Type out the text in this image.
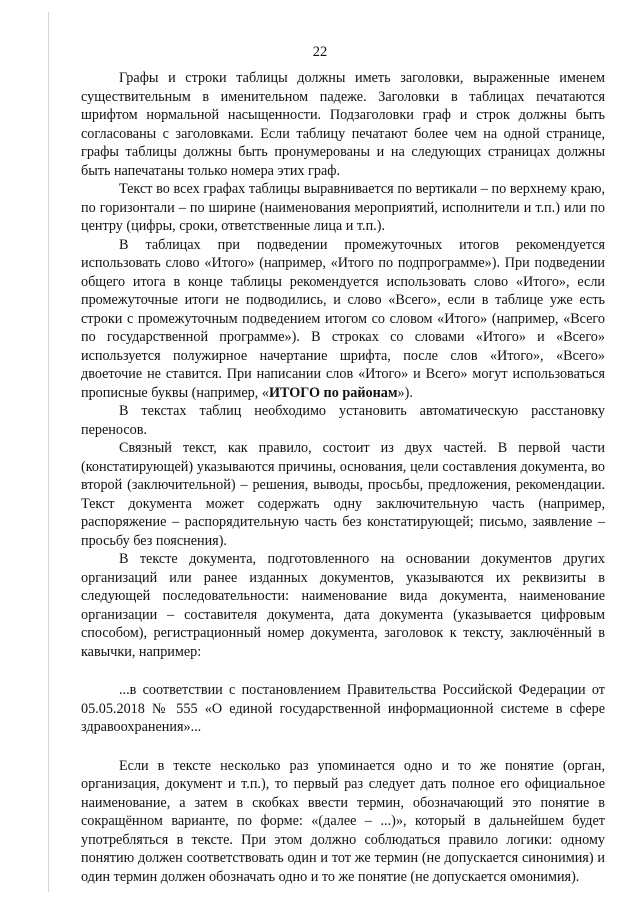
22

Графы и строки таблицы должны иметь заголовки, выраженные именем существительным в именительном падеже. Заголовки в таблицах печатаются шрифтом нормальной насыщенности. Подзаголовки граф и строк должны быть согласованы с заголовками. Если таблицу печатают более чем на одной странице, графы таблицы должны быть пронумерованы и на следующих страницах должны быть напечатаны только номера этих граф.

Текст во всех графах таблицы выравнивается по вертикали – по верхнему краю, по горизонтали – по ширине (наименования мероприятий, исполнители и т.п.) или по центру (цифры, сроки, ответственные лица и т.п.).

В таблицах при подведении промежуточных итогов рекомендуется использовать слово «Итого» (например, «Итого по подпрограмме»). При подведении общего итога в конце таблицы рекомендуется использовать слово «Итого», если промежуточные итоги не подводились, и слово «Всего», если в таблице уже есть строки с промежуточным подведением итогом со словом «Итого» (например, «Всего по государственной программе»). В строках со словами «Итого» и «Всего» используется полужирное начертание шрифта, после слов «Итого», «Всего» двоеточие не ставится. При написании слов «Итого» и Всего» могут использоваться прописные буквы (например, «ИТОГО по районам»).

В текстах таблиц необходимо установить автоматическую расстановку переносов.

Связный текст, как правило, состоит из двух частей. В первой части (констатирующей) указываются причины, основания, цели составления документа, во второй (заключительной) – решения, выводы, просьбы, предложения, рекомендации. Текст документа может содержать одну заключительную часть (например, распоряжение – распорядительную часть без констатирующей; письмо, заявление – просьбу без пояснения).

В тексте документа, подготовленного на основании документов других организаций или ранее изданных документов, указываются их реквизиты в следующей последовательности: наименование вида документа, наименование организации – составителя документа, дата документа (указывается цифровым способом), регистрационный номер документа, заголовок к тексту, заключённый в кавычки, например:

...в соответствии с постановлением Правительства Российской Федерации от 05.05.2018 № 555 «О единой государственной информационной системе в сфере здравоохранения»...

Если в тексте несколько раз упоминается одно и то же понятие (орган, организация, документ и т.п.), то первый раз следует дать полное его официальное наименование, а затем в скобках ввести термин, обозначающий это понятие в сокращённом варианте, по форме: «(далее – ...)», который в дальнейшем будет употребляться в тексте. При этом должно соблюдаться правило логики: одному понятию должен соответствовать один и тот же термин (не допускается синонимия) и один термин должен обозначать одно и то же понятие (не допускается омонимия).
